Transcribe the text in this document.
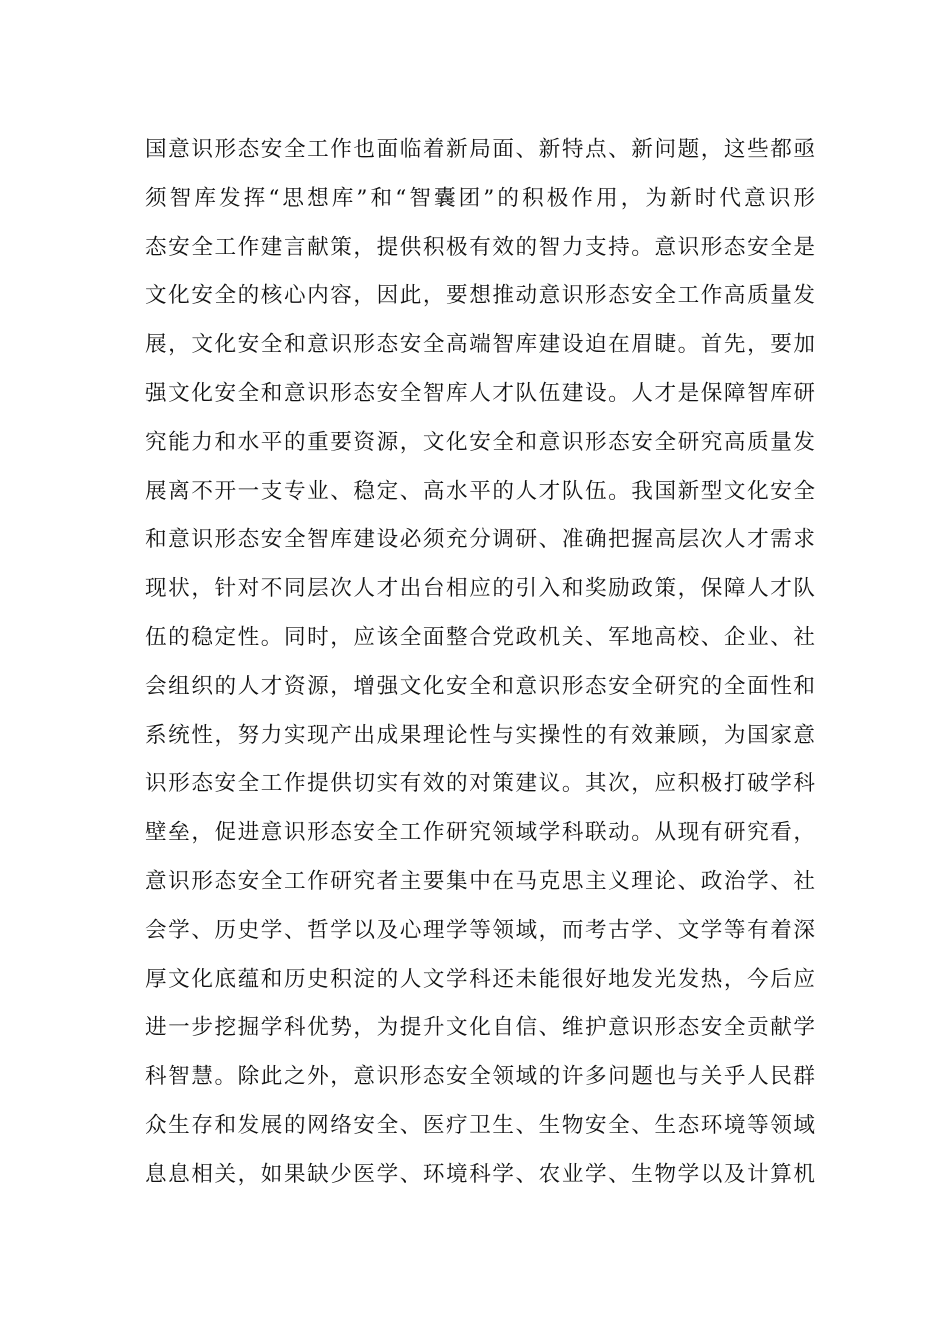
国意识形态安全工作也面临着新局面、新特点、新问题，这些都亟
须智库发挥“思想库”和“智囊团”的积极作用，为新时代意识形
态安全工作建言献策，提供积极有效的智力支持。意识形态安全是
文化安全的核心内容，因此，要想推动意识形态安全工作高质量发
展，文化安全和意识形态安全高端智库建设迫在眉睫。首先，要加
强文化安全和意识形态安全智库人才队伍建设。人才是保障智库研
究能力和水平的重要资源，文化安全和意识形态安全研究高质量发
展离不开一支专业、稳定、高水平的人才队伍。我国新型文化安全
和意识形态安全智库建设必须充分调研、准确把握高层次人才需求
现状，针对不同层次人才出台相应的引入和奖励政策，保障人才队
伍的稳定性。同时，应该全面整合党政机关、军地高校、企业、社
会组织的人才资源，增强文化安全和意识形态安全研究的全面性和
系统性，努力实现产出成果理论性与实操性的有效兼顾，为国家意
识形态安全工作提供切实有效的对策建议。其次，应积极打破学科
壁垒，促进意识形态安全工作研究领域学科联动。从现有研究看，
意识形态安全工作研究者主要集中在马克思主义理论、政治学、社
会学、历史学、哲学以及心理学等领域，而考古学、文学等有着深
厚文化底蕴和历史积淀的人文学科还未能很好地发光发热，今后应
进一步挖掘学科优势，为提升文化自信、维护意识形态安全贡献学
科智慧。除此之外，意识形态安全领域的许多问题也与关乎人民群
众生存和发展的网络安全、医疗卫生、生物安全、生态环境等领域
息息相关，如果缺少医学、环境科学、农业学、生物学以及计算机
